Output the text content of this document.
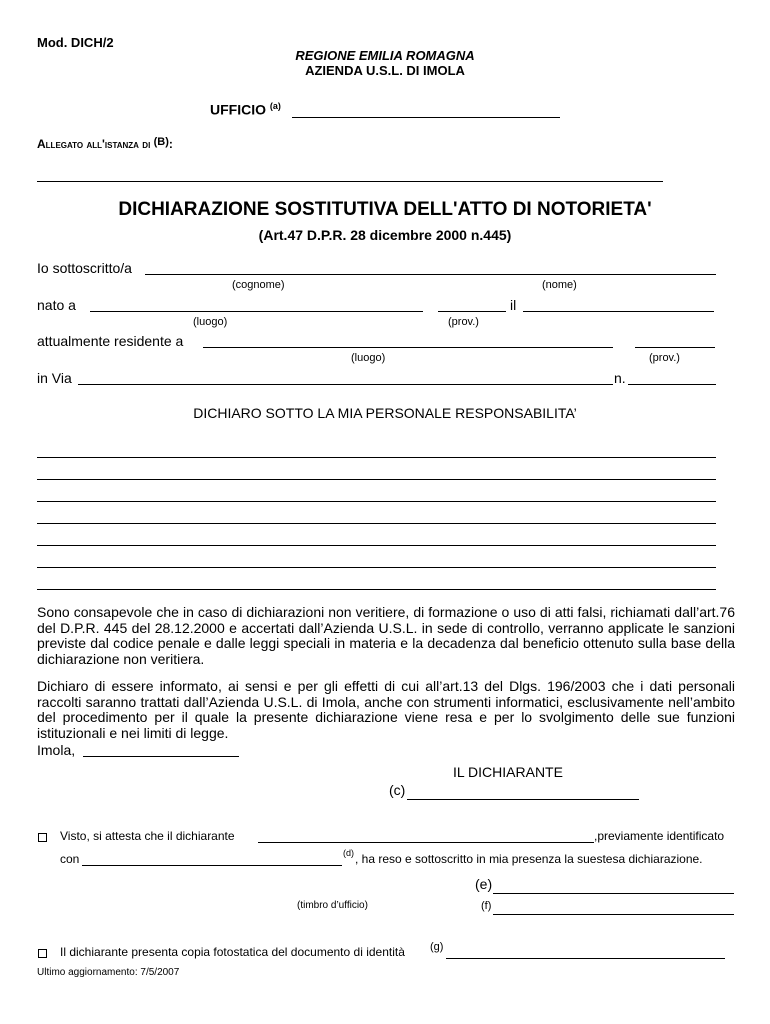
Mod. DICH/2
REGIONE EMILIA ROMAGNA
AZIENDA U.S.L. DI IMOLA
UFFICIO $^{(a)}$
Allegato all'istanza di (B):
DICHIARAZIONE SOSTITUTIVA DELL'ATTO DI NOTORIETA'
(Art.47 D.P.R. 28 dicembre 2000 n.445)
Io sottoscritto/a
(cognome)	(nome)
nato a	il
(luogo)	(prov.)
attualmente residente a
(luogo)	(prov.)
in Via	n.
DICHIARO SOTTO LA MIA PERSONALE RESPONSABILITA’
Sono consapevole che in caso di dichiarazioni non veritiere, di formazione o uso di atti falsi, richiamati dall’art.76 del D.P.R. 445 del 28.12.2000 e accertati dall’Azienda U.S.L. in sede di controllo, verranno applicate le sanzioni previste dal codice penale e dalle leggi speciali in materia e la decadenza dal beneficio ottenuto sulla base della dichiarazione non veritiera.
Dichiaro di essere informato, ai sensi e per gli effetti di cui all’art.13 del Dlgs. 196/2003 che i dati personali raccolti saranno trattati dall’Azienda U.S.L. di Imola, anche con strumenti informatici, esclusivamente nell’ambito del procedimento per il quale la presente dichiarazione viene resa e per lo svolgimento delle sue funzioni istituzionali e nei limiti di legge.
Imola,
IL DICHIARANTE
(c)
Visto, si attesta che il dichiarante	,previamente identificato
con	(d) , ha reso e sottoscritto in mia presenza la suestesa dichiarazione.
(e)
(timbro d’ufficio)	(f)
Il dichiarante presenta copia fotostatica del documento di identità (g)
Ultimo aggiornamento: 7/5/2007
